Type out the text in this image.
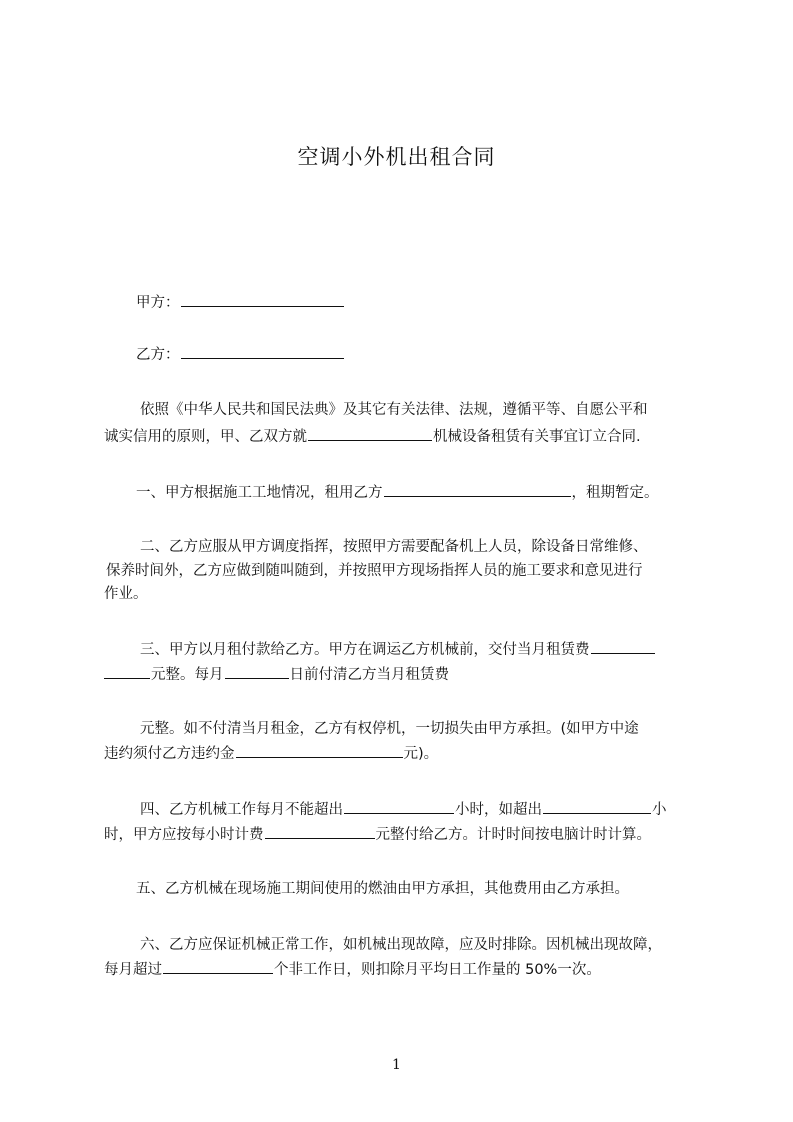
空调小外机出租合同
甲方：
乙方：
依照《中华人民共和国民法典》及其它有关法律、法规，遵循平等、自愿公平和
诚实信用的原则，甲、乙双方就	机械设备租赁有关事宜订立合同.
一、甲方根据施工工地情况，租用乙方	，租期暂定。
二、乙方应服从甲方调度指挥，按照甲方需要配备机上人员，除设备日常维修、
保养时间外，乙方应做到随叫随到，并按照甲方现场指挥人员的施工要求和意见进行
作业。
三、甲方以月租付款给乙方。甲方在调运乙方机械前，交付当月租赁费
元整。每月	日前付清乙方当月租赁费
元整。如不付清当月租金，乙方有权停机，一切损失由甲方承担。(如甲方中途
违约须付乙方违约金	元)。
四、乙方机械工作每月不能超出	小时，如超出	小
时，甲方应按每小时计费	元整付给乙方。计时时间按电脑计时计算。
五、乙方机械在现场施工期间使用的燃油由甲方承担，其他费用由乙方承担。
六、乙方应保证机械正常工作，如机械出现故障，应及时排除。因机械出现故障，
每月超过	个非工作日，则扣除月平均日工作量的 50%一次。
1
